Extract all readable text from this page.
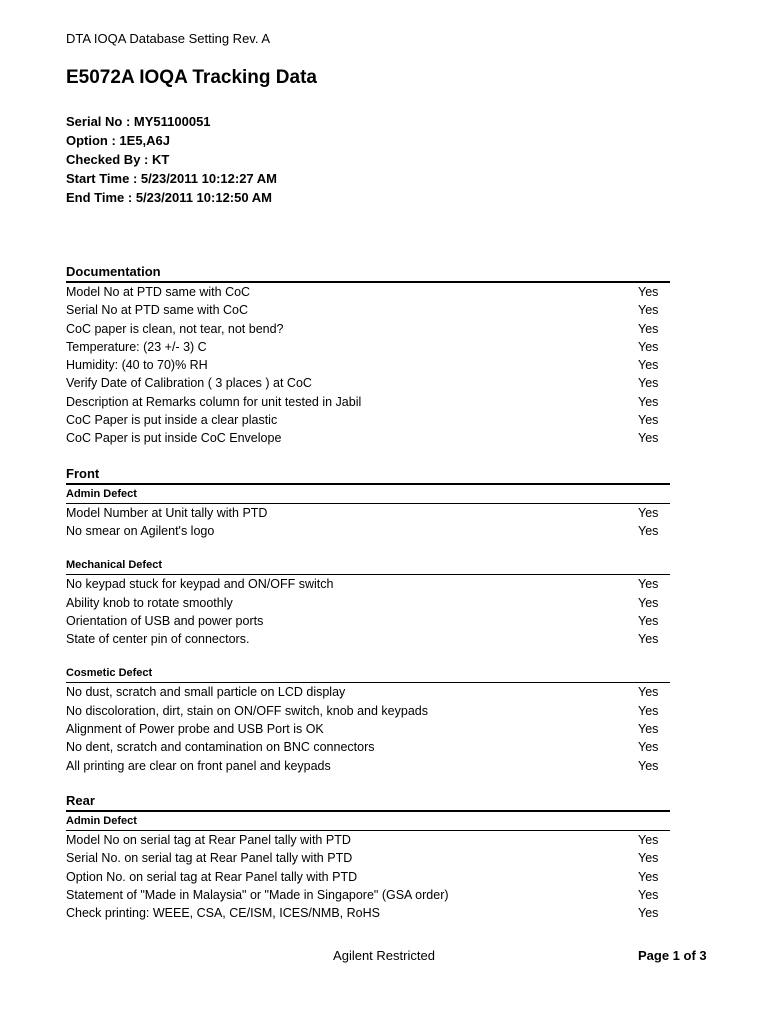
DTA IOQA Database Setting Rev. A
E5072A IOQA Tracking Data
Serial No : MY51100051
Option : 1E5,A6J
Checked By : KT
Start Time : 5/23/2011 10:12:27 AM
End Time : 5/23/2011 10:12:50 AM
Documentation
Model No at PTD same with CoC	Yes
Serial No at PTD same with CoC	Yes
CoC paper is clean, not tear, not bend?	Yes
Temperature: (23 +/- 3) C	Yes
Humidity: (40 to 70)% RH	Yes
Verify Date of Calibration ( 3 places ) at CoC	Yes
Description at Remarks column for unit tested in Jabil	Yes
CoC Paper is put inside a clear plastic	Yes
CoC Paper is put inside CoC Envelope	Yes
Front
Admin Defect
Model Number at Unit tally with PTD	Yes
No smear on Agilent's logo	Yes
Mechanical Defect
No keypad stuck for keypad and ON/OFF switch	Yes
Ability knob to rotate smoothly	Yes
Orientation of USB and power ports	Yes
State of center pin of connectors.	Yes
Cosmetic Defect
No dust, scratch and small particle on LCD display	Yes
No discoloration, dirt, stain on ON/OFF switch, knob and keypads	Yes
Alignment of Power probe and USB Port is OK	Yes
No dent, scratch and contamination on BNC connectors	Yes
All printing are clear on front panel and keypads	Yes
Rear
Admin Defect
Model No on serial tag at Rear Panel tally with PTD	Yes
Serial No. on serial tag at Rear Panel tally with PTD	Yes
Option No. on serial tag at Rear Panel tally with PTD	Yes
Statement of "Made in Malaysia" or "Made in Singapore" (GSA order)	Yes
Check printing: WEEE, CSA, CE/ISM, ICES/NMB, RoHS	Yes
Agilent Restricted	Page 1 of 3
